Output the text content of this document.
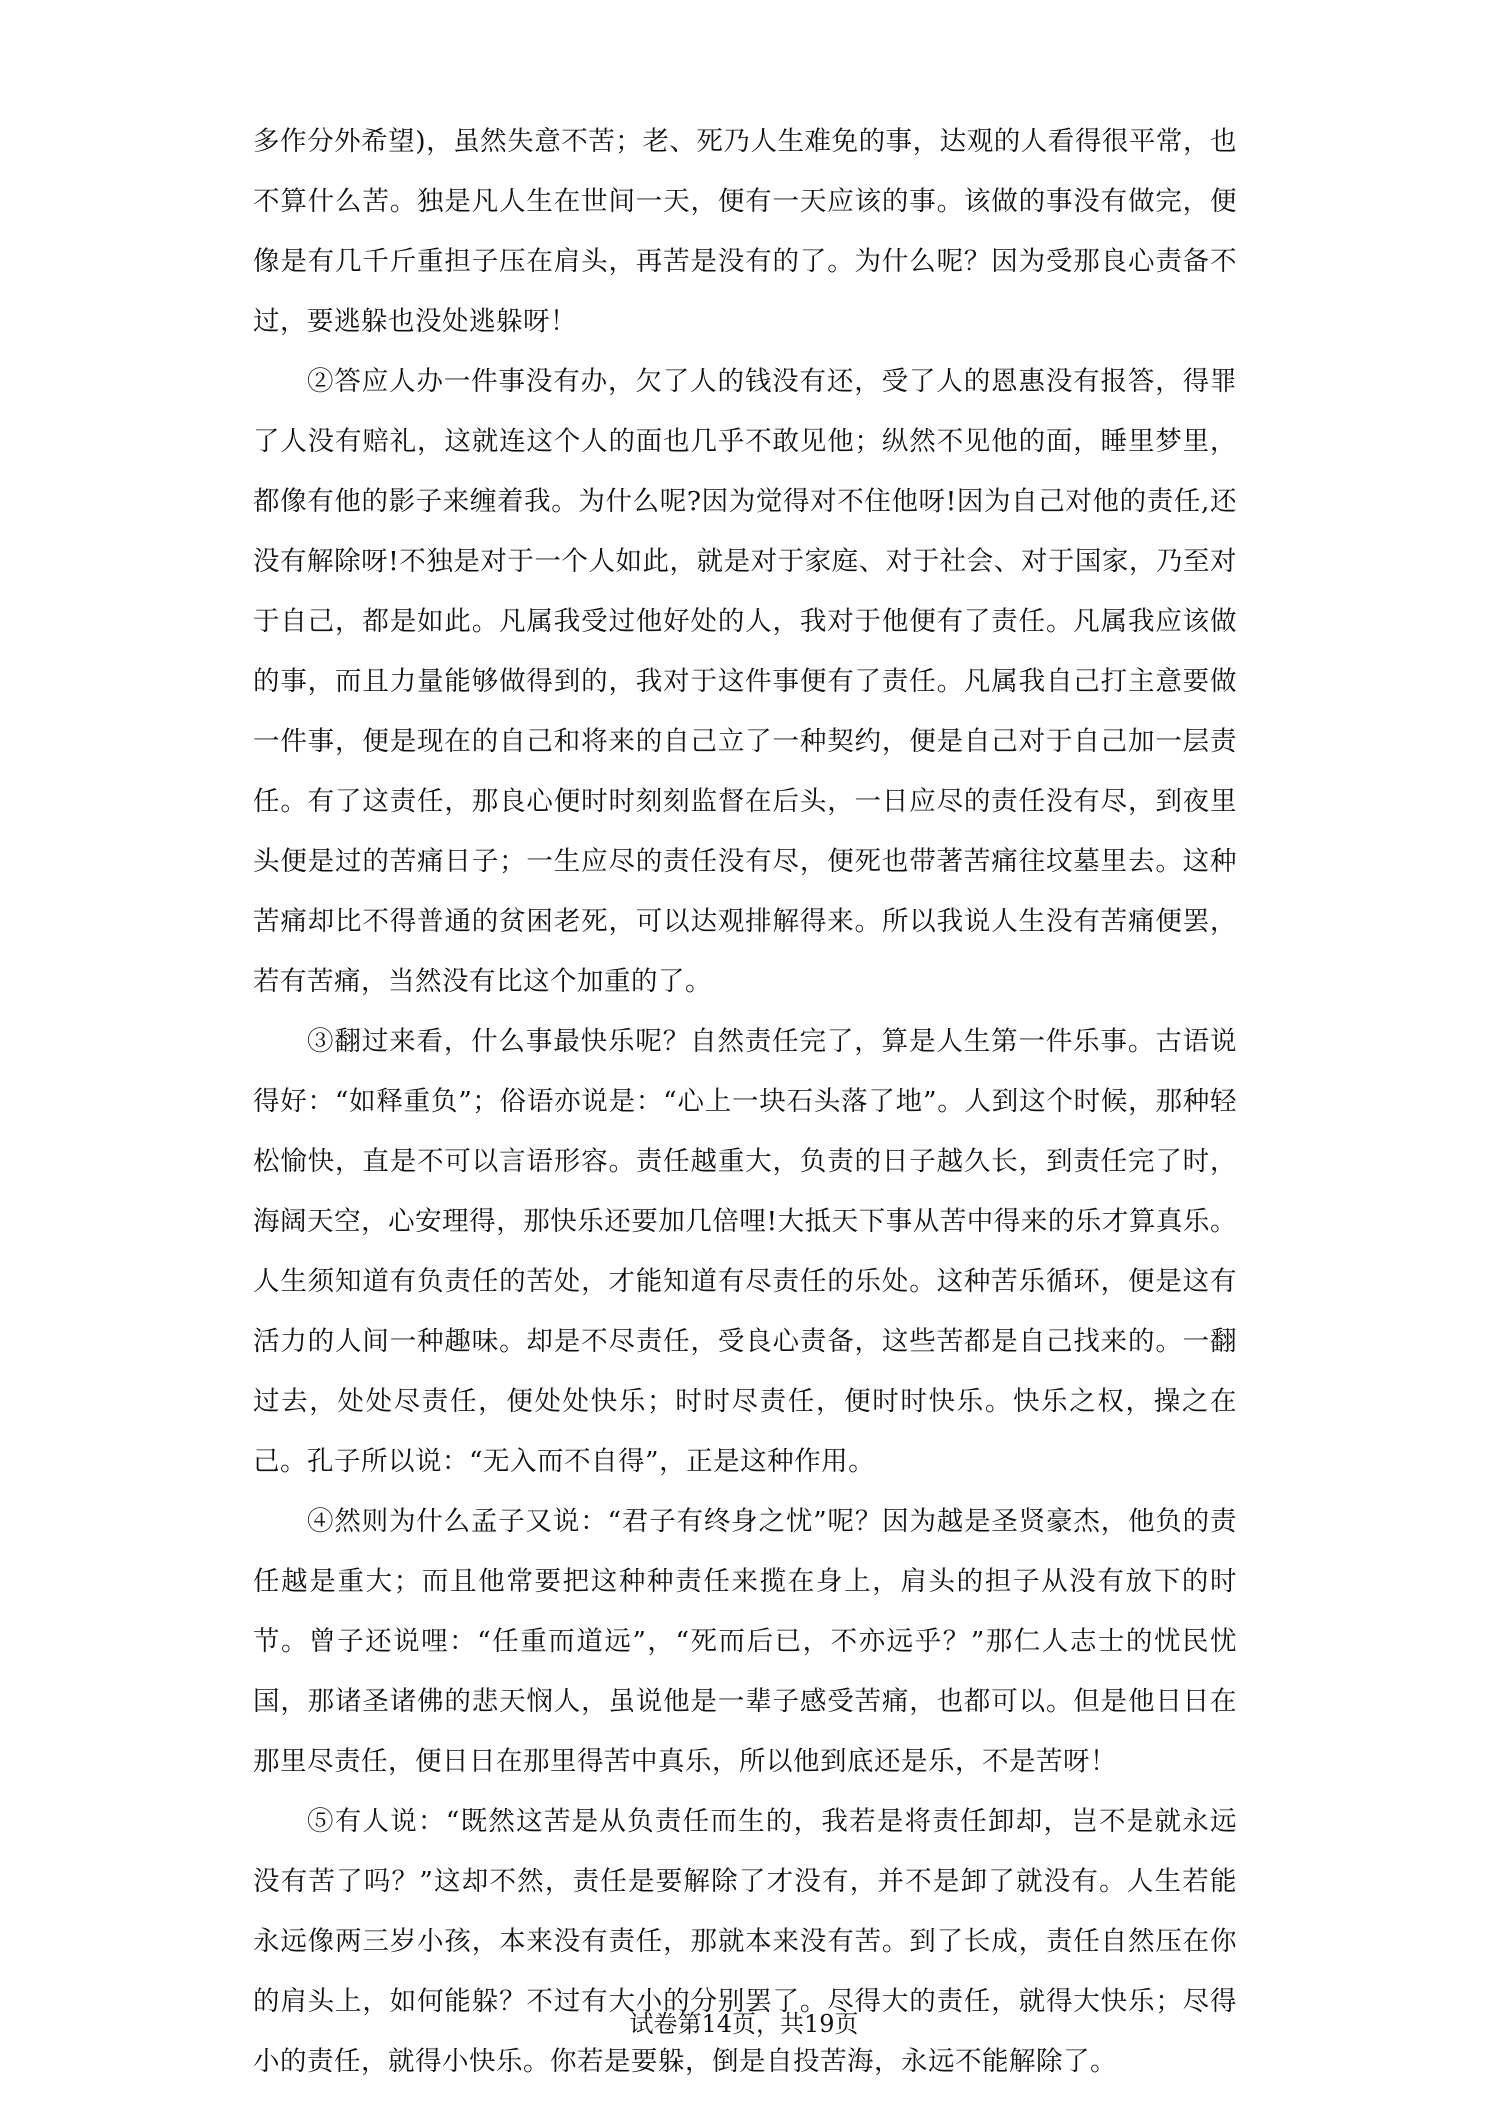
多作分外希望)，虽然失意不苦；老、死乃人生难免的事，达观的人看得很平常，也不算什么苦。独是凡人生在世间一天，便有一天应该的事。该做的事没有做完，便像是有几千斤重担子压在肩头，再苦是没有的了。为什么呢？因为受那良心责备不过，要逃躲也没处逃躲呀！

②答应人办一件事没有办，欠了人的钱没有还，受了人的恩惠没有报答，得罪了人没有赔礼，这就连这个人的面也几乎不敢见他；纵然不见他的面，睡里梦里，都像有他的影子来缠着我。为什么呢?因为觉得对不住他呀!因为自己对他的责任,还没有解除呀!不独是对于一个人如此，就是对于家庭、对于社会、对于国家，乃至对于自己，都是如此。凡属我受过他好处的人，我对于他便有了责任。凡属我应该做的事，而且力量能够做得到的，我对于这件事便有了责任。凡属我自己打主意要做一件事，便是现在的自己和将来的自己立了一种契约，便是自己对于自己加一层责任。有了这责任，那良心便时时刻刻监督在后头，一日应尽的责任没有尽，到夜里头便是过的苦痛日子；一生应尽的责任没有尽，便死也带著苦痛往坟墓里去。这种苦痛却比不得普通的贫困老死，可以达观排解得来。所以我说人生没有苦痛便罢，若有苦痛，当然没有比这个加重的了。

③翻过来看，什么事最快乐呢？自然责任完了，算是人生第一件乐事。古语说得好：“如释重负”；俗语亦说是：“心上一块石头落了地”。人到这个时候，那种轻松愉快，直是不可以言语形容。责任越重大，负责的日子越久长，到责任完了时，海阔天空，心安理得，那快乐还要加几倍哩!大抵天下事从苦中得来的乐才算真乐。人生须知道有负责任的苦处，才能知道有尽责任的乐处。这种苦乐循环，便是这有活力的人间一种趣味。却是不尽责任，受良心责备，这些苦都是自己找来的。一翻过去，处处尽责任，便处处快乐；时时尽责任，便时时快乐。快乐之权，操之在己。孔子所以说：“无入而不自得”，正是这种作用。

④然则为什么孟子又说：“君子有终身之忧”呢？因为越是圣贤豪杰，他负的责任越是重大；而且他常要把这种种责任来揽在身上，肩头的担子从没有放下的时节。曾子还说哩：“任重而道远”，“死而后已，不亦远乎？”那仁人志士的忧民忧国，那诸圣诸佛的悲天悯人，虽说他是一辈子感受苦痛，也都可以。但是他日日在那里尽责任，便日日在那里得苦中真乐，所以他到底还是乐，不是苦呀！

⑤有人说：“既然这苦是从负责任而生的，我若是将责任卸却，岂不是就永远没有苦了吗？”这却不然，责任是要解除了才没有，并不是卸了就没有。人生若能永远像两三岁小孩，本来没有责任，那就本来没有苦。到了长成，责任自然压在你的肩头上，如何能躲？不过有大小的分别罢了。尽得大的责任，就得大快乐；尽得小的责任，就得小快乐。你若是要躲，倒是自投苦海，永远不能解除了。

试卷第14页，共19页
